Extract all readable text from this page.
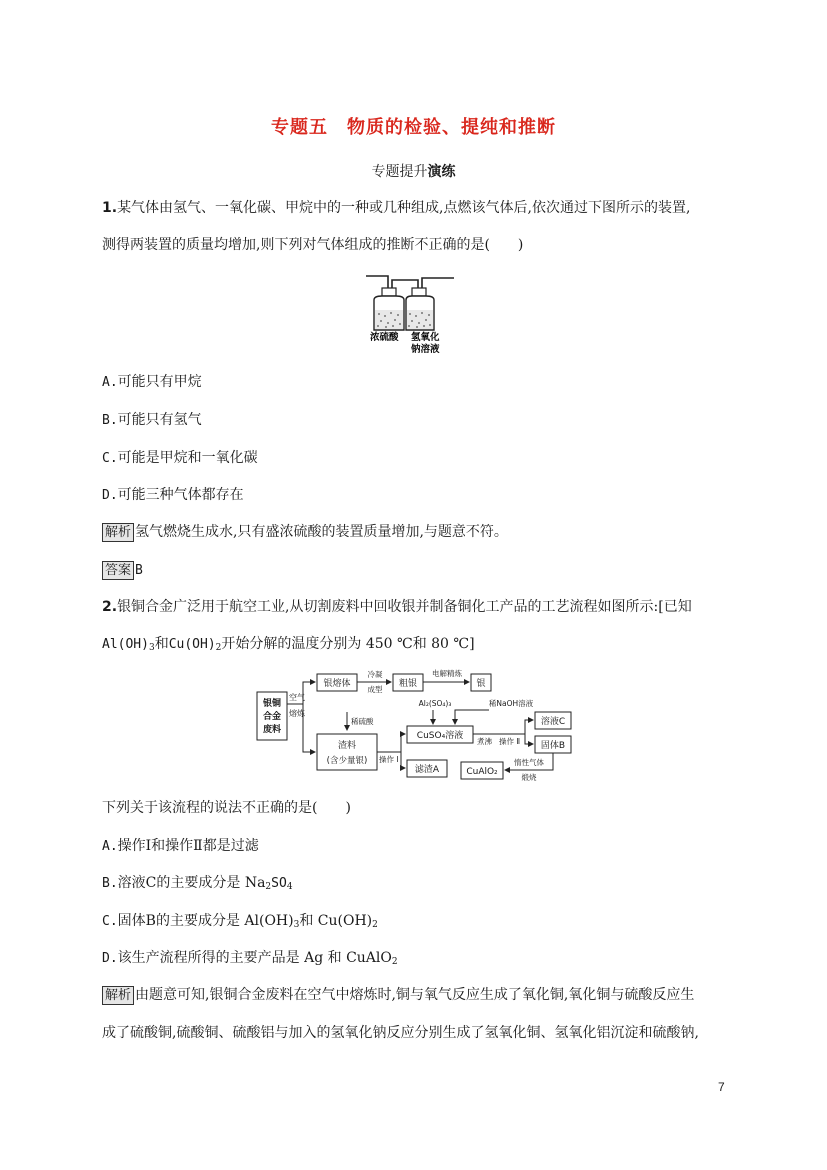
专题五　物质的检验、提纯和推断
专题提升演练
1.某气体由氢气、一氧化碳、甲烷中的一种或几种组成,点燃该气体后,依次通过下图所示的装置,
测得两装置的质量均增加,则下列对气体组成的推断不正确的是(　　)
浓硫酸 氢氧化
钠溶液
A.可能只有甲烷
B.可能只有氢气
C.可能是甲烷和一氧化碳
D.可能三种气体都存在
解析 氢气燃烧生成水,只有盛浓硫酸的装置质量增加,与题意不符。
答案 B
2.银铜合金广泛用于航空工业,从切割废料中回收银并制备铜化工产品的工艺流程如图所示:[已知
$Al(OH)_3$和$Cu(OH)_2$开始分解的温度分别为 450 ℃和 80 ℃]
银铜
合金
废料
空气
熔炼
银熔体
冷凝
成型
粗银
电解精炼
银
稀硫酸
渣料
(含少量银) 操作 Ⅰ
滤渣A
Al₂(SO₄)₃
CuSO₄溶液
稀NaOH溶液
煮沸 操作 Ⅱ
溶液C
固体B
CuAlO₂
惰性气体
煅烧
下列关于该流程的说法不正确的是(　　)
A.操作Ⅰ和操作Ⅱ都是过滤
B.溶液C的主要成分是 $Na_2SO_4$
C.固体B的主要成分是 $Al(OH)_3$和 $Cu(OH)_2$
D.该生产流程所得的主要产品是 Ag 和 CuAlO$_2$
解析 由题意可知,银铜合金废料在空气中熔炼时,铜与氧气反应生成了氧化铜,氧化铜与硫酸反应生
成了硫酸铜,硫酸铜、硫酸铝与加入的氢氧化钠反应分别生成了氢氧化铜、氢氧化铝沉淀和硫酸钠,
7
